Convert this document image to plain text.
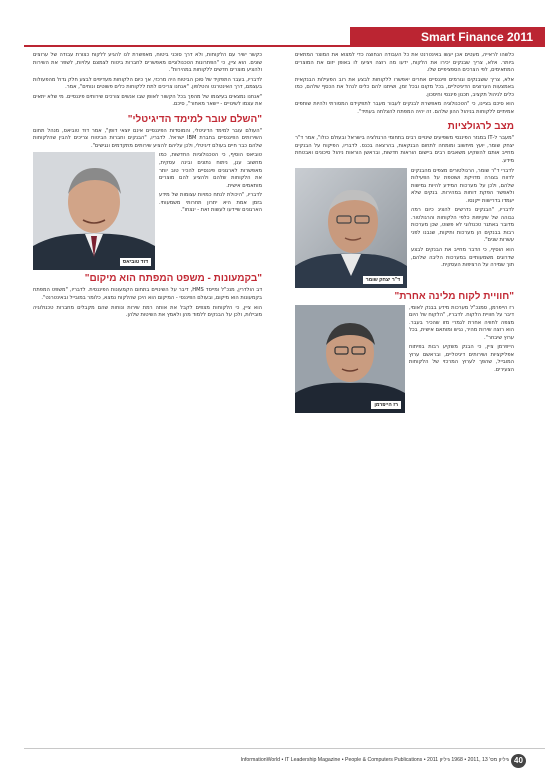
Smart Finance 2011

כלשהו לראייה, מעטים אכן יעשו באינטרנט את כל העבודה הנחוצה כדי למצוא את המוצר המתאים ביותר. אלא, צריך שבנקים יכירו את הלקוח, ידעו מה רוצה ויציעו לו באופן יזום את המוצרים המתאימים, לפי הצרכים הספציפיים שלו.

אלא, צריך ששבנקים וגורמים פיננסיים אחרים יאפשרו ללקוחות לבצע את רוב הפעילות הבנקאית באמצעות הערוצים הדיגיטליים, בכל מקום ובכל זמן, ושיתנו להם כלים לנהל את הכסף שלהם, כמו כלים לניהול תקציב, תכנון פיננסי וחיסכון.

הוא סיכם בציינו, כי "הטכנולוגיה מאפשרת לבנקים לעבור מעבר לתפקידם המסורתי ולהיות שותפים אמיתיים ללקוחות בניהול ההון שלהם. זה יהיה המפתח להצלחה בעתיד".

מצב לרגולציות

"מעבר ל-IT במגזר הפיננסי משפיעים שינויים רבים בתחומי הרגולציה בישראל ובעולם כולו", אמר ד"ר יצחק שומר, יועץ מיחשוב ומומחה לתחום הבנקאות, בהרצאה בכנס. לדבריו, הפיקוח על הבנקים מחייב אותם להשקיע משאבים רבים ביישום הוראות חדשות, ובראשן הוראות ניהול סיכונים ואבטחת מידע.

ד"ר יצחק שומר

לדברי ד"ר שומר, הרגולטורים מצפים מהבנקים לדווח בצורה מדויקת ושוטפת על הפעילות שלהם, ולכן על מערכות המידע להיות גמישות ולאפשר הפקת דוחות במהירות. בנקים שלא יעמדו בדרישות ייקנסו.

לדבריו, "הבנקים נדרשים להציג כיום רמה גבוהה של שקיפות כלפי הלקוחות והרגולטור. מדובר באתגר טכנולוגי לא פשוט, שכן מערכות רבות בבנקים הן מערכות ותיקות, שנבנו לפני עשרות שנים".

הוא הוסיף, כי הדבר מחייב את הבנקים לבצע שדרוגים משמעותיים במערכות הליבה שלהם, תוך שמירה על הרציפות העסקית.

"חוויית לקוח מלינה אחרת"
רז הייפרמן

רז הייפרמן, סמנכ"ל מערכות מידע בבנק לאומי, דיבר על חוויית הלקוח. לדבריו, "הלקוח של היום מצפה לחוויה אחרת לגמרי מזו שהכיר בעבר. הוא רוצה שירות מהיר, נגיש ומותאם אישית, בכל ערוץ שיבחר".

הייפרמן ציין, כי הבנק משקיע רבות בפיתוח אפליקציות ושירותים דיגיטליים, ובראשם ערוץ המובייל, שהפך לערוץ המרכזי של הלקוחות הצעירים.

כקשר ישיר עם הלקוחות, ולא דרך סוכני ביטוח, מאפשרת לנו להגיע ללקוח כצורת עבודה של ערוצים שונים. הוא ציין, כי "הפתרונות הטכנולוגיים מאפשרים לחברות ביטוח לצמצם עלויות, לשפר את השירות ולהציע מוצרים חדשים ללקוחות במהירות".

לדבריו, בעבר התפקיד של סוכן הביטוח היה מרכזי, אך כיום הלקוחות מעדיפים לבצע חלק גדול מהפעולות בעצמם, דרך האינטרנט והטלפון. "אנחנו צריכים לתת ללקוחות כלים פשוטים ונוחים", אמר.

"אנחנו נמצאים בעיצומו של מהפך בכל הקשור לאופן שבו אנשים צורכים שירותים פיננסיים. מי שלא יתאים את עצמו לשינויים - יישאר מאחור", סיכם.

"השלם עובר למימד הדיגיטלי"

"העולם עובר למימד הדיגיטלי, והמוסדות הפיננסיים אינם יוצאי דופן", אמר דוד טוביאס, מנהל תחום השירותים הפיננסיים בחברת IBM ישראל. לדבריו, "הבנקים וחברות הביטוח צריכים להבין שהלקוחות שלהם כבר חיים בעולם דיגיטלי, ולכן עליהם להציע שירותים מתקדמים ונגישים".

דוד טוביאס

טוביאס הוסיף, כי הטכנולוגיות החדשות, כמו מחשוב ענן, ניתוח נתונים ובינה עסקית, מאפשרות לארגונים פיננסיים להכיר טוב יותר את הלקוחות שלהם ולהציע להם מוצרים מותאמים אישית.

לדבריו, "היכולת לנתח כמויות עצומות של מידע בזמן אמת היא יתרון תחרותי משמעותי. הארגונים שיידעו לעשות זאת - ינצחו".

"בקמעונות - משפט המפתח הוא מיקום"

דב הולדרין, מנכ"ל ומייסד HMS, דיבר על השינויים בתחום הקמעונות הפיננסית. לדבריו, "משפט המפתח בקמעונות הוא מיקום, ובעולם הפיננסי - המיקום הוא היכן שהלקוח נמצא, כלומר במובייל ובאינטרנט".

הוא ציין, כי הלקוחות מצפים לקבל את אותה רמת שירות ונוחות שהם מקבלים מחברות טכנולוגיה מובילות, ולכן על הבנקים ללמוד מהן ולאמץ את השיטות שלהן.

InformationWorld • IT Leadership Magazine • People & Computers Publications • 2011 גיליון מס' 13 ,2011 • 1968 גיליון 40
